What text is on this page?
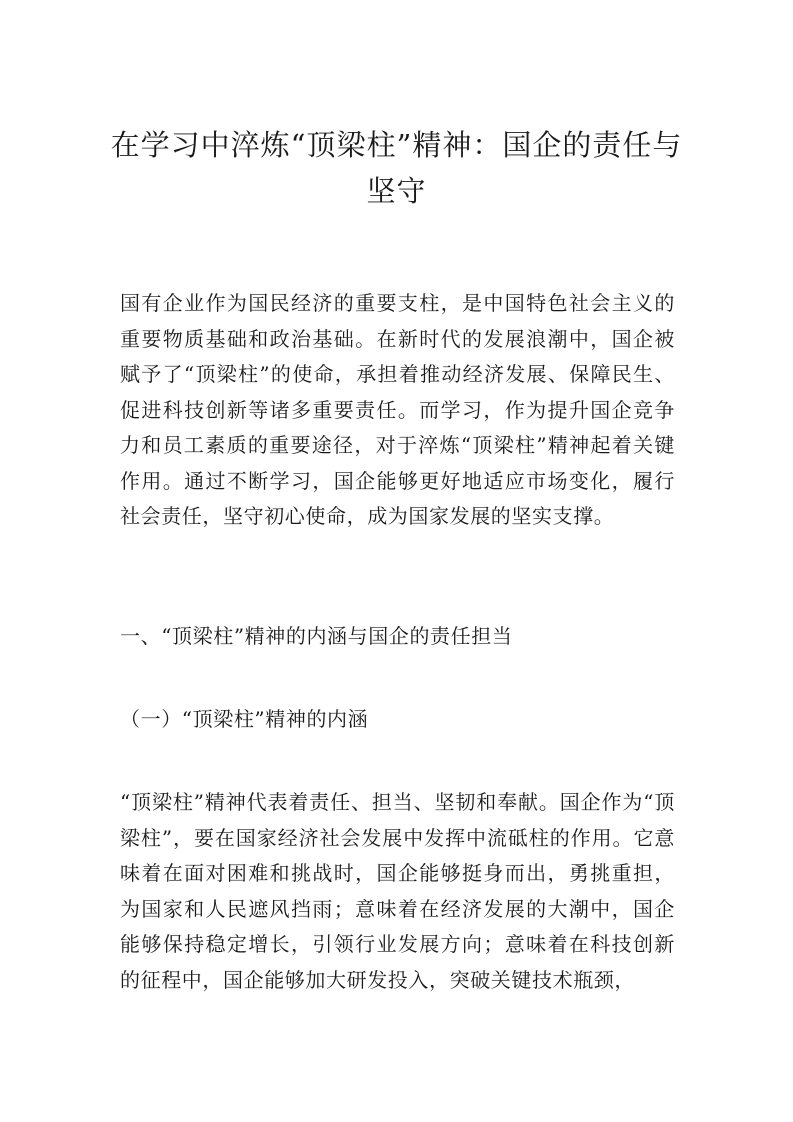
在学习中淬炼“顶梁柱”精神：国企的责任与坚守

国有企业作为国民经济的重要支柱，是中国特色社会主义的重要物质基础和政治基础。在新时代的发展浪潮中，国企被赋予了“顶梁柱”的使命，承担着推动经济发展、保障民生、促进科技创新等诸多重要责任。而学习，作为提升国企竞争力和员工素质的重要途径，对于淬炼“顶梁柱”精神起着关键作用。通过不断学习，国企能够更好地适应市场变化，履行社会责任，坚守初心使命，成为国家发展的坚实支撑。

一、“顶梁柱”精神的内涵与国企的责任担当

（一）“顶梁柱”精神的内涵

“顶梁柱”精神代表着责任、担当、坚韧和奉献。国企作为“顶梁柱”，要在国家经济社会发展中发挥中流砥柱的作用。它意味着在面对困难和挑战时，国企能够挺身而出，勇挑重担，为国家和人民遮风挡雨；意味着在经济发展的大潮中，国企能够保持稳定增长，引领行业发展方向；意味着在科技创新的征程中，国企能够加大研发投入，突破关键技术瓶颈，
